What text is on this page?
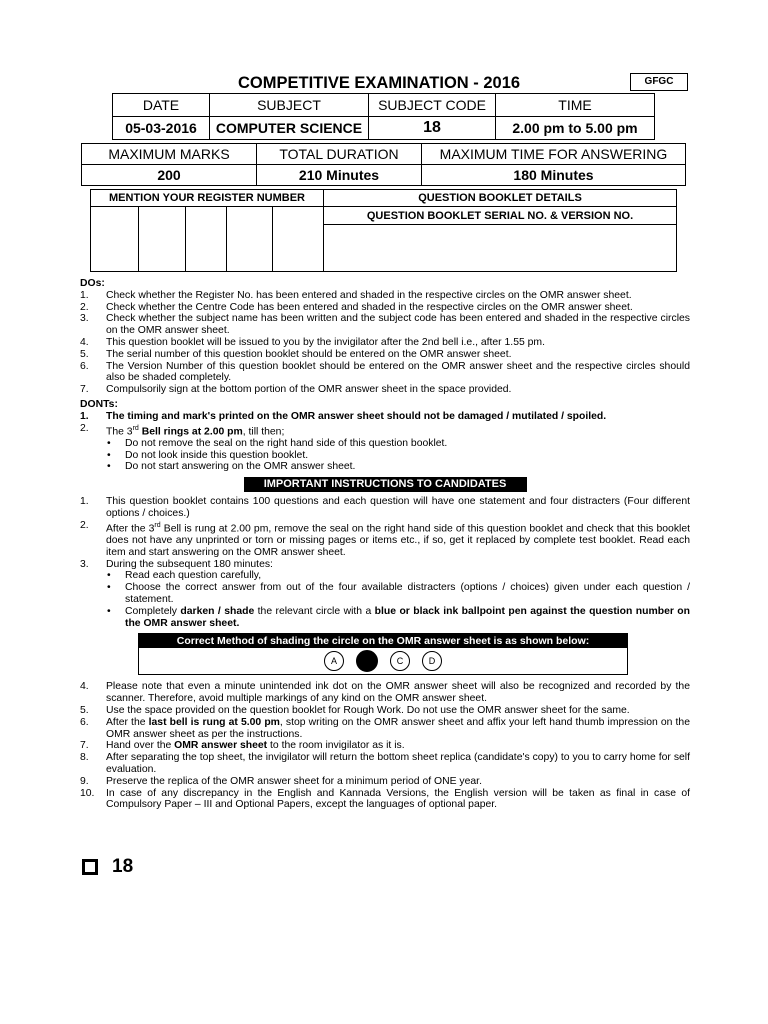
COMPETITIVE EXAMINATION - 2016	GFGC
DATE	SUBJECT	SUBJECT CODE	TIME
05-03-2016	COMPUTER SCIENCE	18	2.00 pm to 5.00 pm
MAXIMUM MARKS	TOTAL DURATION	MAXIMUM TIME FOR ANSWERING
200	210 Minutes	180 Minutes
MENTION YOUR REGISTER NUMBER					QUESTION BOOKLET DETAILS
					QUESTION BOOKLET SERIAL NO. & VERSION NO.

DOs:

1. Check whether the Register No. has been entered and shaded in the respective circles on the OMR answer sheet.
2. Check whether the Centre Code has been entered and shaded in the respective circles on the OMR answer sheet.
3. Check whether the subject name has been written and the subject code has been entered and shaded in the respective circles on the OMR answer sheet.
4. This question booklet will be issued to you by the invigilator after the 2nd bell i.e., after 1.55 pm.
5. The serial number of this question booklet should be entered on the OMR answer sheet.
6. The Version Number of this question booklet should be entered on the OMR answer sheet and the respective circles should also be shaded completely.
7. Compulsorily sign at the bottom portion of the OMR answer sheet in the space provided.

DONTs:

1. The timing and mark's printed on the OMR answer sheet should not be damaged / mutilated / spoiled.
2. The 3rd Bell rings at 2.00 pm, till then;
• Do not remove the seal on the right hand side of this question booklet.
• Do not look inside this question booklet.
• Do not start answering on the OMR answer sheet.
IMPORTANT INSTRUCTIONS TO CANDIDATES
1. This question booklet contains 100 questions and each question will have one statement and four distracters (Four different options / choices.)
2. After the 3rd Bell is rung at 2.00 pm, remove the seal on the right hand side of this question booklet and check that this booklet does not have any unprinted or torn or missing pages or items etc., if so, get it replaced by complete test booklet. Read each item and start answering on the OMR answer sheet.
3. During the subsequent 180 minutes:
• Read each question carefully,
• Choose the correct answer from out of the four available distracters (options / choices) given under each question / statement.
• Completely darken / shade the relevant circle with a blue or black ink ballpoint pen against the question number on the OMR answer sheet.
Correct Method of shading the circle on the OMR answer sheet is as shown below:
A	C	D
4. Please note that even a minute unintended ink dot on the OMR answer sheet will also be recognized and recorded by the scanner. Therefore, avoid multiple markings of any kind on the OMR answer sheet.
5. Use the space provided on the question booklet for Rough Work. Do not use the OMR answer sheet for the same.
6. After the last bell is rung at 5.00 pm, stop writing on the OMR answer sheet and affix your left hand thumb impression on the OMR answer sheet as per the instructions.
7. Hand over the OMR answer sheet to the room invigilator as it is.
8. After separating the top sheet, the invigilator will return the bottom sheet replica (candidate's copy) to you to carry home for self evaluation.
9. Preserve the replica of the OMR answer sheet for a minimum period of ONE year.
10. In case of any discrepancy in the English and Kannada Versions, the English version will be taken as final in case of Compulsory Paper – III and Optional Papers, except the languages of optional paper.
18
